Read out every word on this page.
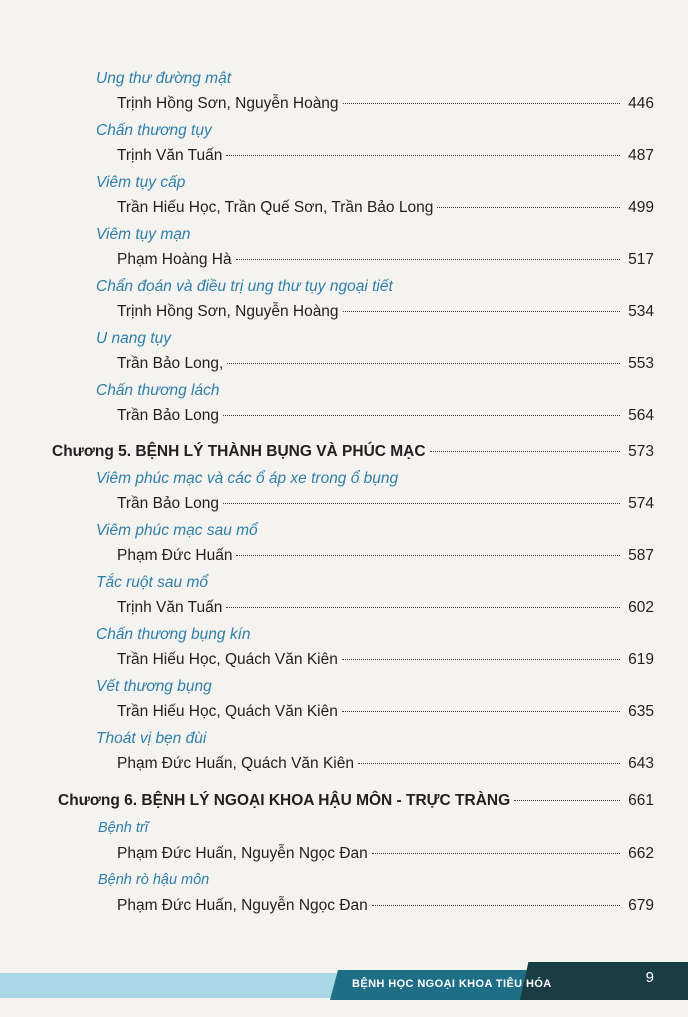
Ung thư đường mật
Trịnh Hồng Sơn, Nguyễn Hoàng	446
Chấn thương tụy
Trịnh Văn Tuấn	487
Viêm tụy cấp
Trần Hiếu Học, Trần Quế Sơn, Trần Bảo Long	499
Viêm tụy mạn
Phạm Hoàng Hà	517
Chẩn đoán và điều trị ung thư tụy ngoại tiết
Trịnh Hồng Sơn, Nguyễn Hoàng	534
U nang tụy
Trần Bảo Long,	553
Chấn thương lách
Trần Bảo Long	564
Chương 5. BỆNH LÝ THÀNH BỤNG VÀ PHÚC MẠC	573
Viêm phúc mạc và các ổ áp xe trong ổ bụng
Trần Bảo Long	574
Viêm phúc mạc sau mổ
Phạm Đức Huấn	587
Tắc ruột sau mổ
Trịnh Văn Tuấn	602
Chấn thương bụng kín
Trần Hiếu Học, Quách Văn Kiên	619
Vết thương bụng
Trần Hiếu Học, Quách Văn Kiên	635
Thoát vị bẹn đùi
Phạm Đức Huấn, Quách Văn Kiên	643
Chương 6. BỆNH LÝ NGOẠI KHOA HẬU MÔN - TRỰC TRÀNG	661
Bệnh trĩ
Phạm Đức Huấn, Nguyễn Ngọc Đan	662
Bệnh rò hậu môn
Phạm Đức Huấn, Nguyễn Ngọc Đan	679
BỆNH HỌC NGOẠI KHOA TIÊU HÓA	9
